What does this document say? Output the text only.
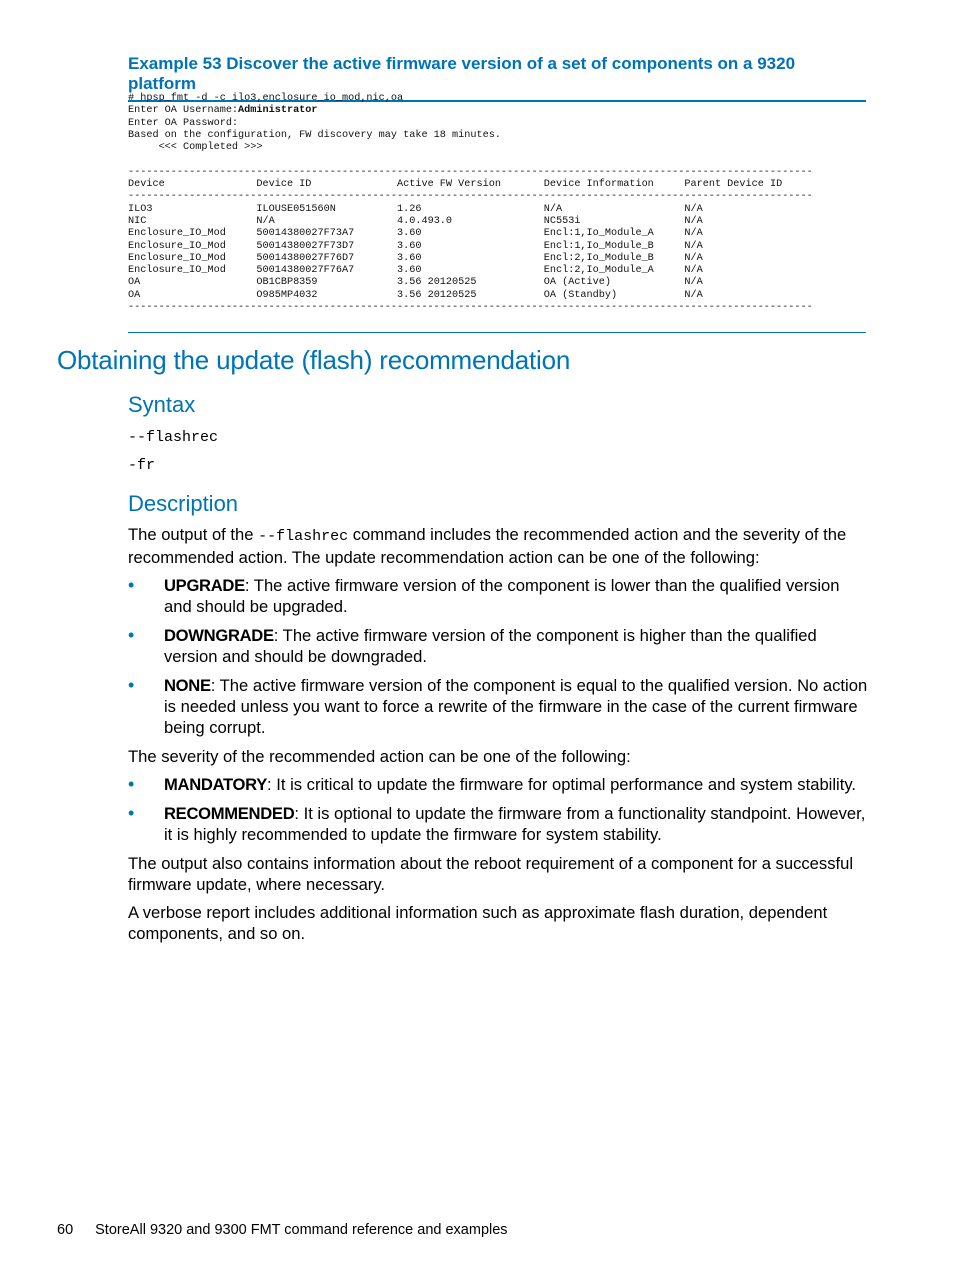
Example 53 Discover the active firmware version of a set of components on a 9320 platform
# hpsp_fmt -d -c ilo3,enclosure_io_mod,nic,oa
Enter OA Username:Administrator
Enter OA Password:
Based on the configuration, FW discovery may take 18 minutes.
<<< Completed >>>

----------------------------------------------------------------------------------------------------------------
Device               Device ID              Active FW Version       Device Information     Parent Device ID
----------------------------------------------------------------------------------------------------------------
ILO3                 ILOUSE051560N          1.26                    N/A                    N/A
NIC                  N/A                    4.0.493.0               NC553i                 N/A
Enclosure_IO_Mod     50014380027F73A7       3.60                    Encl:1,Io_Module_A     N/A
Enclosure_IO_Mod     50014380027F73D7       3.60                    Encl:1,Io_Module_B     N/A
Enclosure_IO_Mod     50014380027F76D7       3.60                    Encl:2,Io_Module_B     N/A
Enclosure_IO_Mod     50014380027F76A7       3.60                    Encl:2,Io_Module_A     N/A
OA                   OB1CBP8359             3.56 20120525           OA (Active)            N/A
OA                   O985MP4032             3.56 20120525           OA (Standby)           N/A
----------------------------------------------------------------------------------------------------------------
Obtaining the update (flash) recommendation
Syntax
--flashrec
-fr
Description

The output of the --flashrec command includes the recommended action and the severity of the recommended action. The update recommendation action can be one of the following:

• UPGRADE: The active firmware version of the component is lower than the qualified version and should be upgraded.
• DOWNGRADE: The active firmware version of the component is higher than the qualified version and should be downgraded.
• NONE: The active firmware version of the component is equal to the qualified version. No action is needed unless you want to force a rewrite of the firmware in the case of the current firmware being corrupt.

The severity of the recommended action can be one of the following:

• MANDATORY: It is critical to update the firmware for optimal performance and system stability.
• RECOMMENDED: It is optional to update the firmware from a functionality standpoint. However, it is highly recommended to update the firmware for system stability.

The output also contains information about the reboot requirement of a component for a successful firmware update, where necessary.

A verbose report includes additional information such as approximate flash duration, dependent components, and so on.

60 StoreAll 9320 and 9300 FMT command reference and examples
